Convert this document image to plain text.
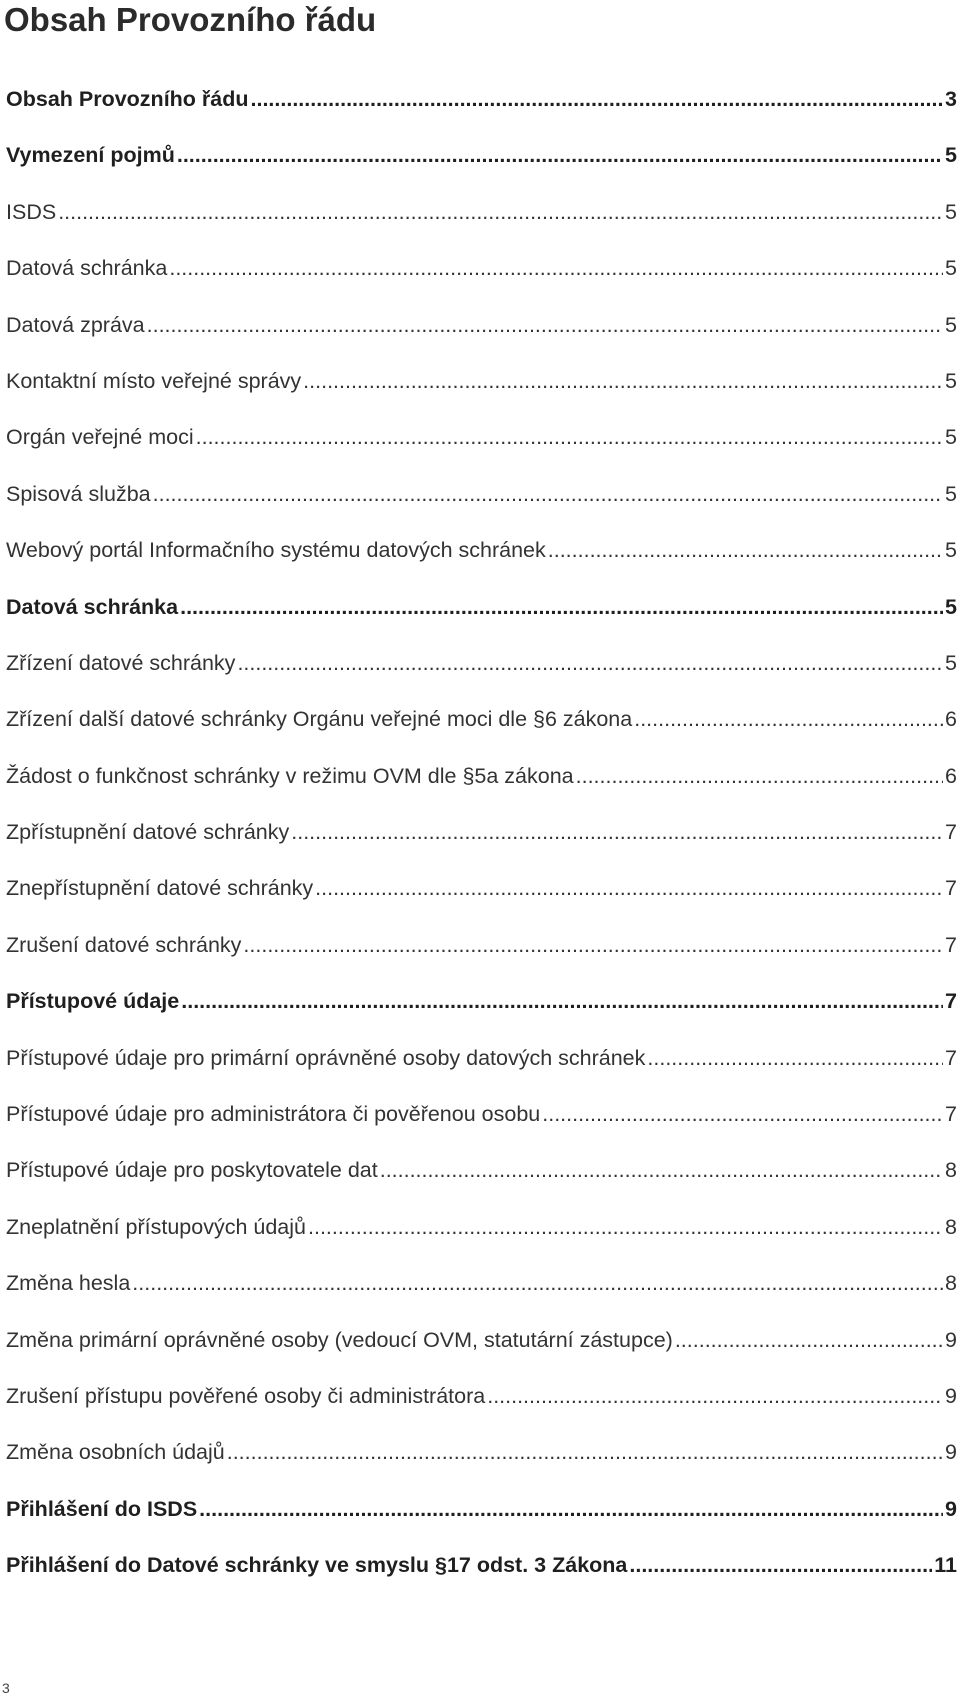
Obsah Provozního řádu
Obsah Provozního řádu .....	3
Vymezení pojmů .....	5
ISDS .....	5
Datová schránka .....	5
Datová zpráva .....	5
Kontaktní místo veřejné správy .....	5
Orgán veřejné moci .....	5
Spisová služba .....	5
Webový portál Informačního systému datových schránek .....	5
Datová schránka .....	5
Zřízení datové schránky .....	5
Zřízení další datové schránky Orgánu veřejné moci dle §6 zákona .....	6
Žádost o funkčnost schránky v režimu OVM dle §5a zákona .....	6
Zpřístupnění datové schránky .....	7
Znepřístupnění datové schránky .....	7
Zrušení datové schránky .....	7
Přístupové údaje .....	7
Přístupové údaje pro primární oprávněné osoby datových schránek .....	7
Přístupové údaje pro administrátora či pověřenou osobu .....	7
Přístupové údaje pro poskytovatele dat .....	8
Zneplatnění přístupových údajů .....	8
Změna hesla .....	8
Změna primární oprávněné osoby (vedoucí OVM, statutární zástupce) .....	9
Zrušení přístupu pověřené osoby či administrátora .....	9
Změna osobních údajů .....	9
Přihlášení do ISDS .....	9
Přihlášení do Datové schránky ve smyslu §17 odst. 3 Zákona .....	11
3
